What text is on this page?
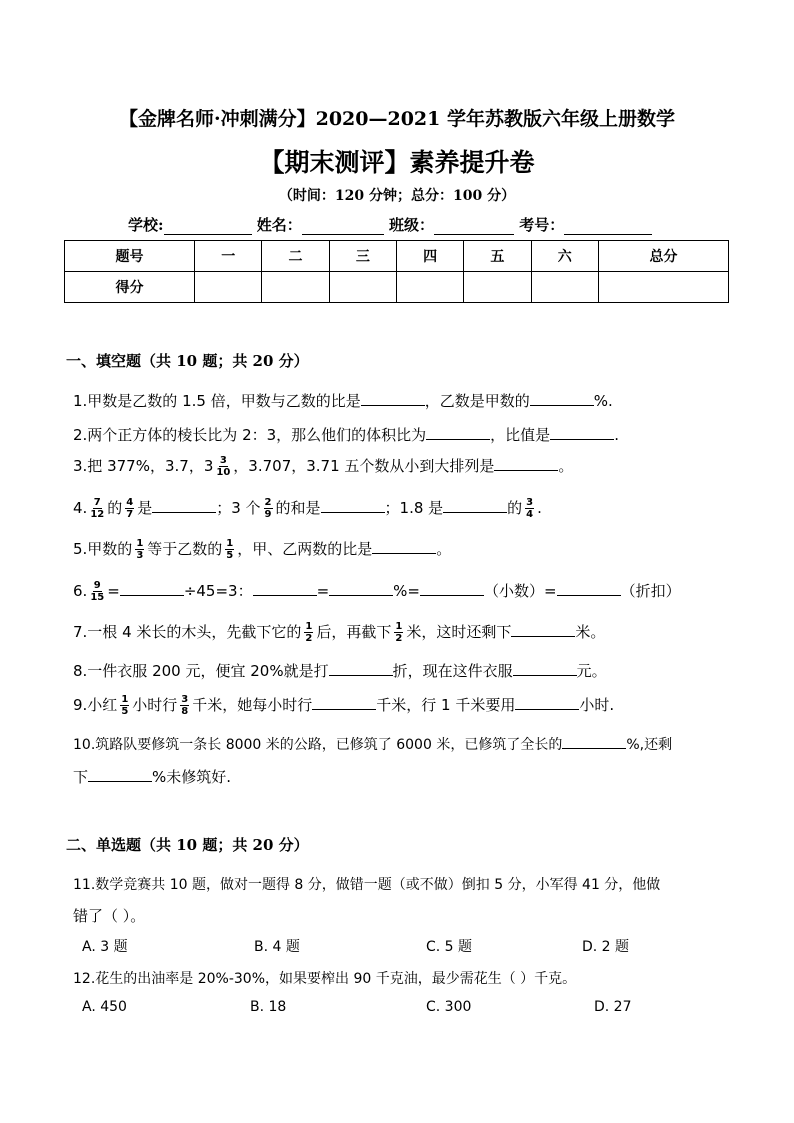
【金牌名师·冲刺满分】2020—2021 学年苏教版六年级上册数学
【期末测评】素养提升卷
（时间：120 分钟；总分：100 分）
学校:	姓名：	班级：	考号：
题号	一	二	三	四	五	六	总分
得分							
一、填空题（共 10 题；共 20 分）
1.甲数是乙数的 1.5 倍，甲数与乙数的比是	，乙数是甲数的	%.
2.两个正方体的棱长比为 2：3，那么他们的体积比为	，比值是	.
3.把 377%，3.7，$3 \frac{3}{10}$ ，3.707，3.71 五个数从小到大排列是	。
4. $\frac{7}{12}$ 的 $\frac{4}{7}$ 是	；3 个 $\frac{2}{9}$ 的和是	；1.8 是	的 $\frac{3}{4}$ .
5.甲数的 $\frac{1}{3}$ 等于乙数的 $\frac{1}{5}$ ，甲、乙两数的比是	。
6. $\frac{9}{15}$ =	÷45=3：	=	%=	（小数）=	（折扣）
7.一根 4 米长的木头，先截下它的 $\frac{1}{2}$ 后，再截下 $\frac{1}{2}$ 米，这时还剩下	米。
8.一件衣服 200 元，便宜 20%就是打	折，现在这件衣服	元。
9.小红 $\frac{1}{5}$ 小时行 $\frac{3}{8}$ 千米，她每小时行	千米，行 1 千米要用	小时.
10.筑路队要修筑一条长 8000 米的公路，已修筑了 6000 米，已修筑了全长的	%,还剩
下	%未修筑好.
二、单选题（共 10 题；共 20 分）
11.数学竞赛共 10 题，做对一题得 8 分，做错一题（或不做）倒扣 5 分，小军得 41 分，他做
错了（ ）。
A. 3 题	B. 4 题	C. 5 题	D. 2 题
12.花生的出油率是 20%-30%，如果要榨出 90 千克油，最少需花生（ ）千克。
A. 450	B. 18	C. 300	D. 27
